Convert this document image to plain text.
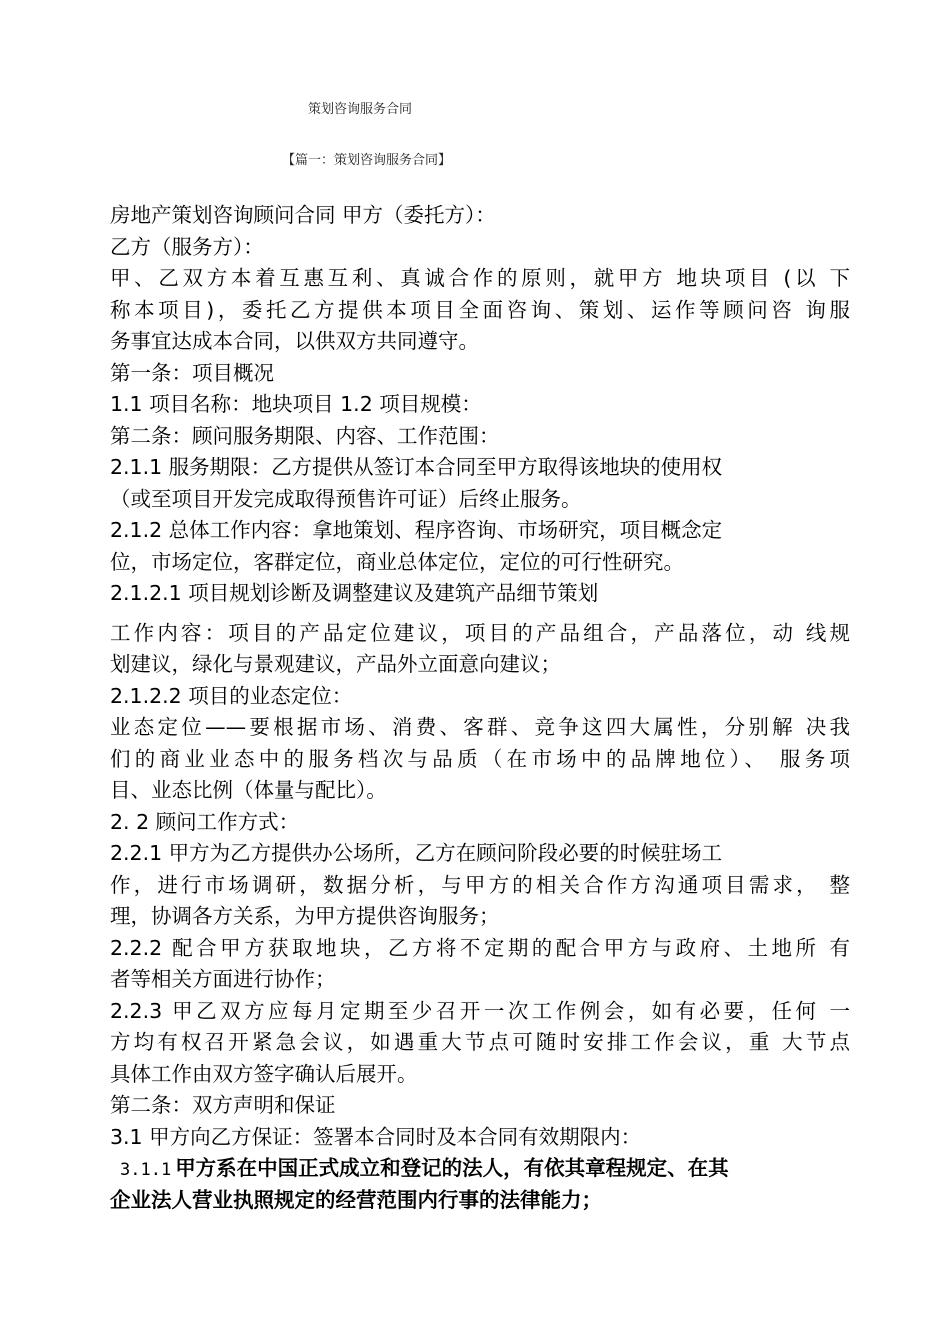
策划咨询服务合同
【篇一：策划咨询服务合同】
房地产策划咨询顾问合同 甲方（委托方）：
乙方（服务方）：
甲、乙双方本着互惠互利、真诚合作的原则，就甲方 地块项目 (以 下
称本项目)，委托乙方提供本项目全面咨询、策划、运作等顾问咨 询服
务事宜达成本合同，以供双方共同遵守。
第一条：项目概况
1.1 项目名称：地块项目 1.2 项目规模：
第二条：顾问服务期限、内容、工作范围：
2.1.1 服务期限：乙方提供从签订本合同至甲方取得该地块的使用权
（或至项目开发完成取得预售许可证）后终止服务。
2.1.2 总体工作内容：拿地策划、程序咨询、市场研究，项目概念定
位，市场定位，客群定位，商业总体定位，定位的可行性研究。
2.1.2.1 项目规划诊断及调整建议及建筑产品细节策划
工作内容：项目的产品定位建议，项目的产品组合，产品落位，动 线规
划建议，绿化与景观建议，产品外立面意向建议；
2.1.2.2 项目的业态定位：
业态定位——要根据市场、消费、客群、竞争这四大属性，分别解 决我
们的商业业态中的服务档次与品质（在市场中的品牌地位）、 服务项
目、业态比例（体量与配比）。
2. 2 顾问工作方式：
2.2.1 甲方为乙方提供办公场所，乙方在顾问阶段必要的时候驻场工
作，进行市场调研，数据分析，与甲方的相关合作方沟通项目需求， 整
理，协调各方关系，为甲方提供咨询服务；
2.2.2 配合甲方获取地块，乙方将不定期的配合甲方与政府、土地所 有
者等相关方面进行协作；
2.2.3 甲乙双方应每月定期至少召开一次工作例会，如有必要，任何 一
方均有权召开紧急会议，如遇重大节点可随时安排工作会议，重 大节点
具体工作由双方签字确认后展开。
第二条：双方声明和保证
3.1 甲方向乙方保证：签署本合同时及本合同有效期限内：
3.1.1 甲方系在中国正式成立和登记的法人，有依其章程规定、在其
企业法人营业执照规定的经营范围内行事的法律能力；
